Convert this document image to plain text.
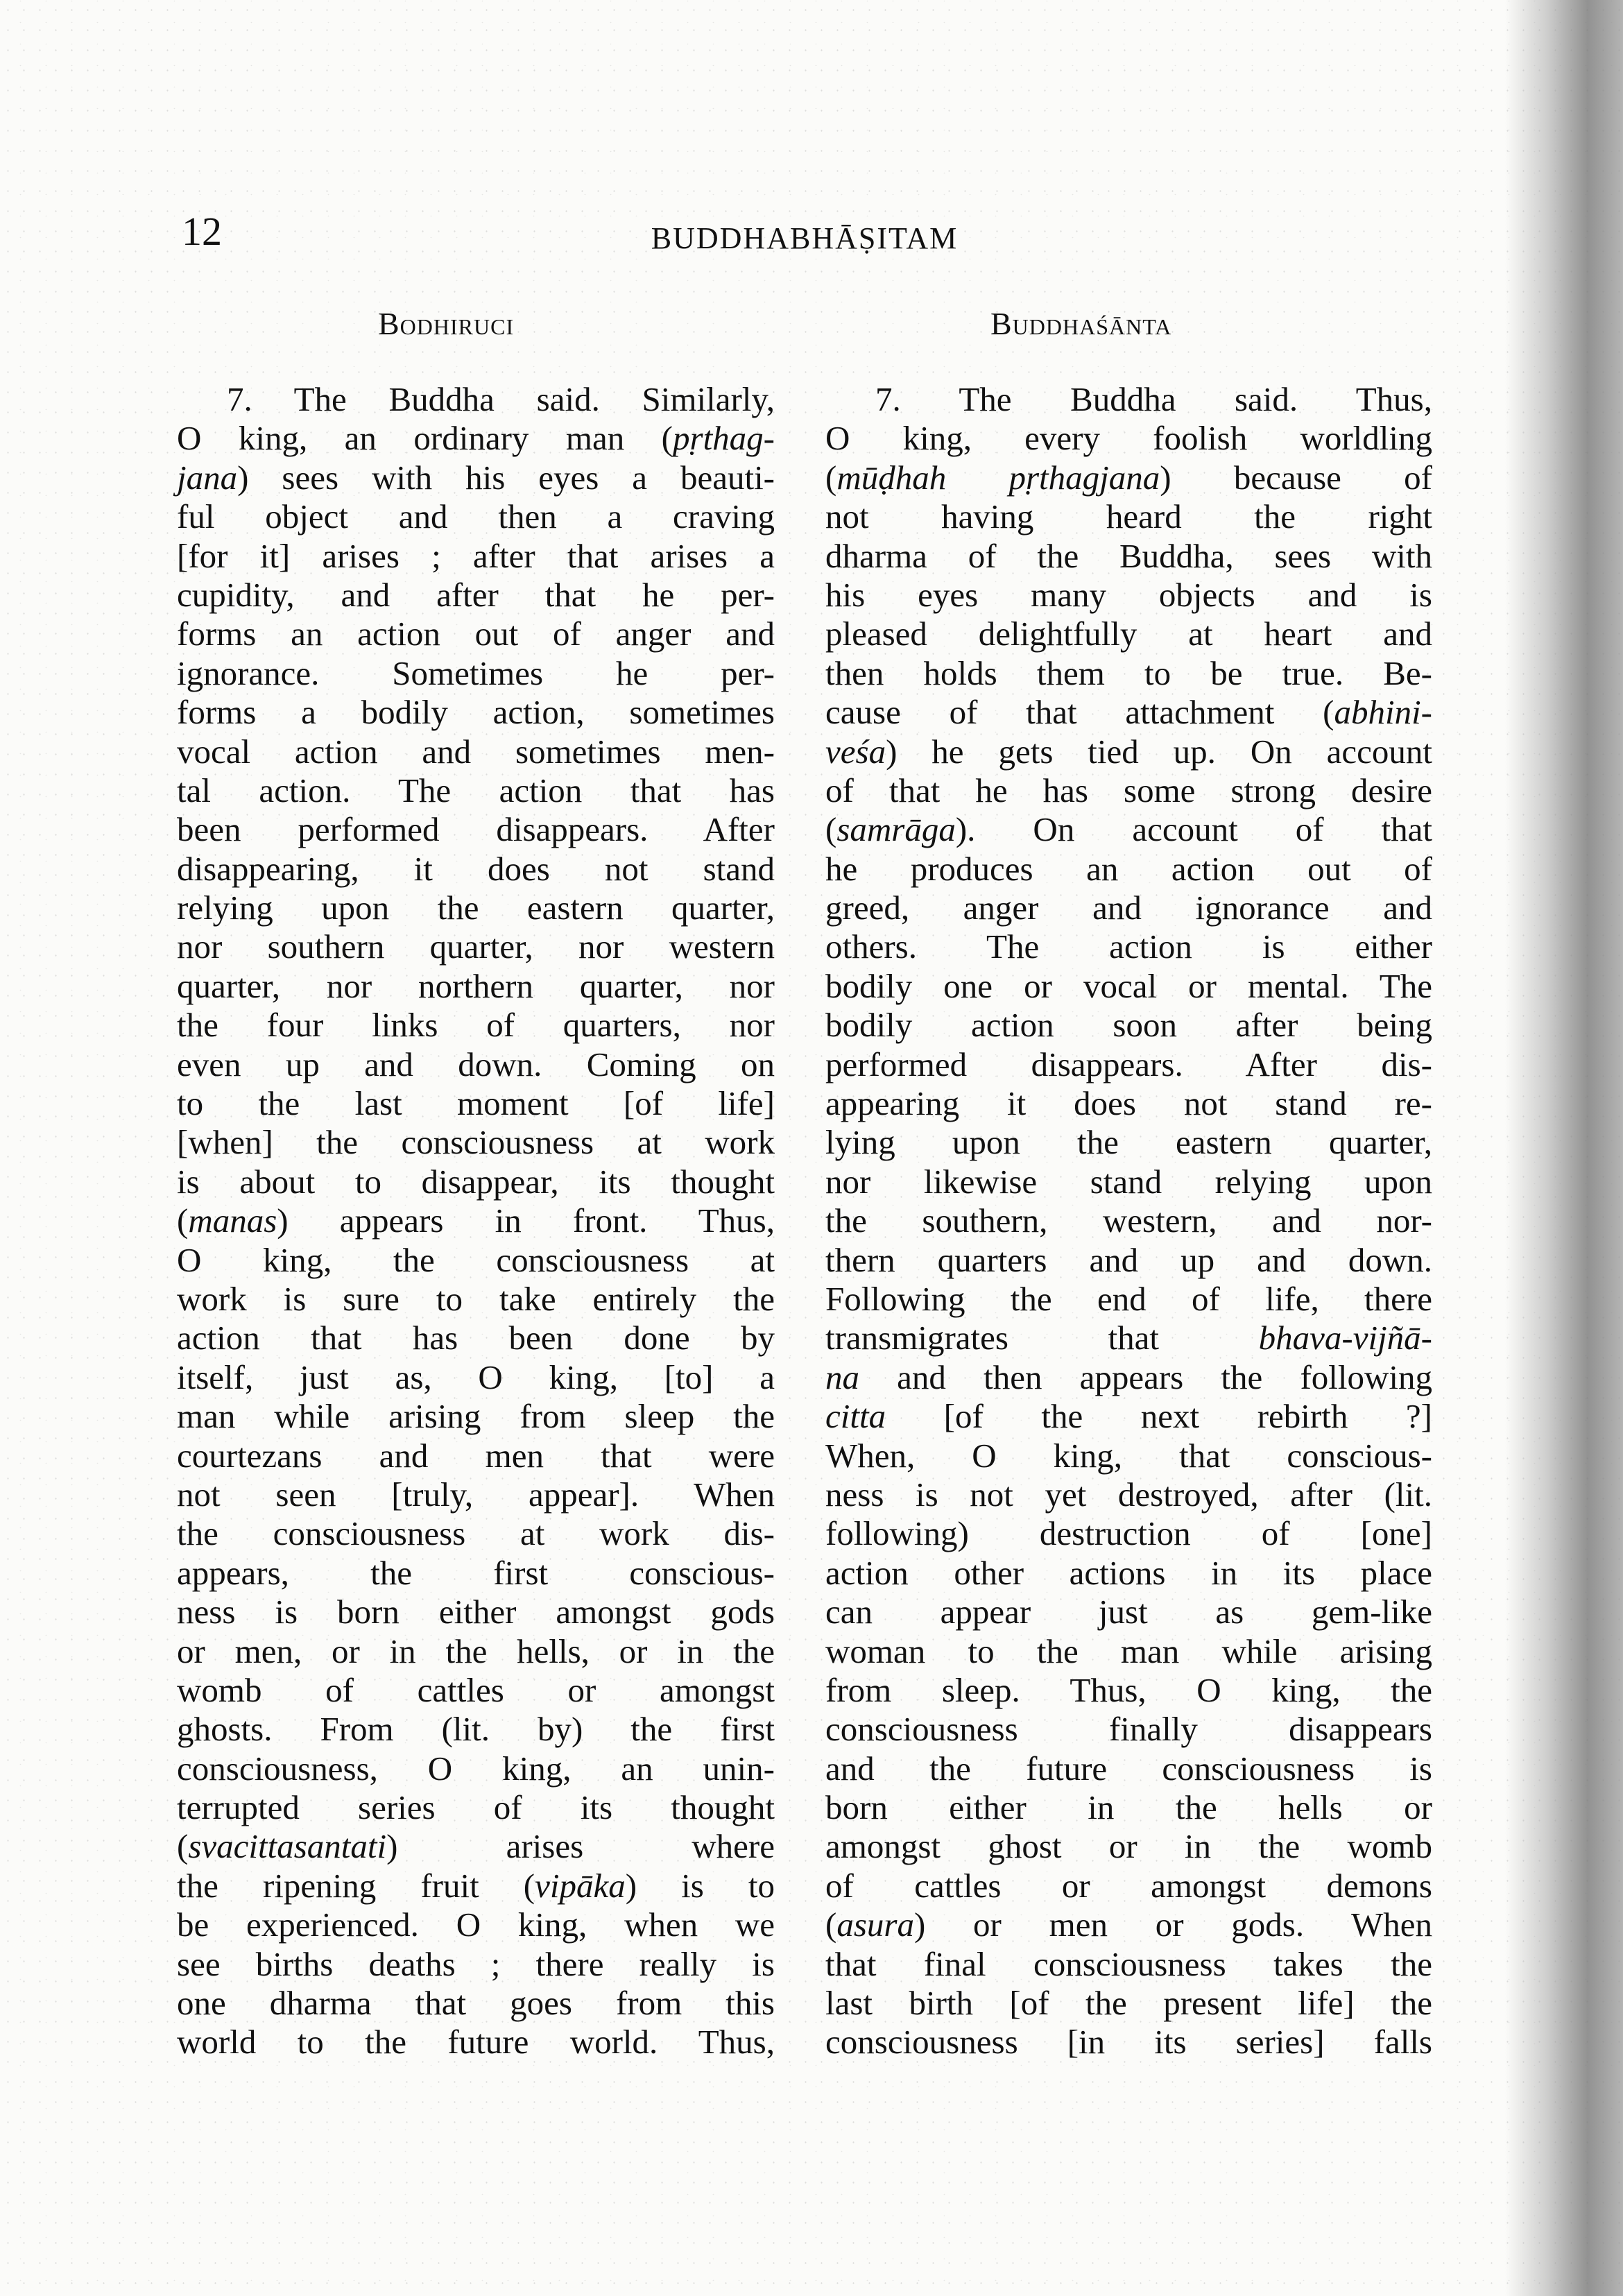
12	BUDDHABHĀṢITAM
Bodhiruci	Buddhaśānta
7. The Buddha said. Similarly,
O king, an ordinary man (pṛthag-
jana) sees with his eyes a beauti-
ful object and then a craving
[for it] arises ; after that arises a
cupidity, and after that he per-
forms an action out of anger and
ignorance. Sometimes he per-
forms a bodily action, sometimes
vocal action and sometimes men-
tal action. The action that has
been performed disappears. After
disappearing, it does not stand
relying upon the eastern quarter,
nor southern quarter, nor western
quarter, nor northern quarter, nor
the four links of quarters, nor
even up and down. Coming on
to the last moment [of life]
[when] the consciousness at work
is about to disappear, its thought
(manas) appears in front. Thus,
O king, the consciousness at
work is sure to take entirely the
action that has been done by
itself, just as, O king, [to] a
man while arising from sleep the
courtezans and men that were
not seen [truly, appear]. When
the consciousness at work dis-
appears, the first conscious-
ness is born either amongst gods
or men, or in the hells, or in the
womb of cattles or amongst
ghosts. From (lit. by) the first
consciousness, O king, an unin-
terrupted series of its thought
(svacittasantati) arises where
the ripening fruit (vipāka) is to
be experienced. O king, when we
see births deaths ; there really is
one dharma that goes from this
world to the future world. Thus,
7. The Buddha said. Thus,
O king, every foolish worldling
(mūḍhah pṛthagjana) because of
not having heard the right
dharma of the Buddha, sees with
his eyes many objects and is
pleased delightfully at heart and
then holds them to be true. Be-
cause of that attachment (abhini-
veśa) he gets tied up. On account
of that he has some strong desire
(samrāga). On account of that
he produces an action out of
greed, anger and ignorance and
others. The action is either
bodily one or vocal or mental. The
bodily action soon after being
performed disappears. After dis-
appearing it does not stand re-
lying upon the eastern quarter,
nor likewise stand relying upon
the southern, western, and nor-
thern quarters and up and down.
Following the end of life, there
transmigrates that bhava-vijñā-
na and then appears the following
citta [of the next rebirth ?]
When, O king, that conscious-
ness is not yet destroyed, after (lit.
following) destruction of [one]
action other actions in its place
can appear just as gem-like
woman to the man while arising
from sleep. Thus, O king, the
consciousness finally disappears
and the future consciousness is
born either in the hells or
amongst ghost or in the womb
of cattles or amongst demons
(asura) or men or gods. When
that final consciousness takes the
last birth [of the present life] the
consciousness [in its series] falls
